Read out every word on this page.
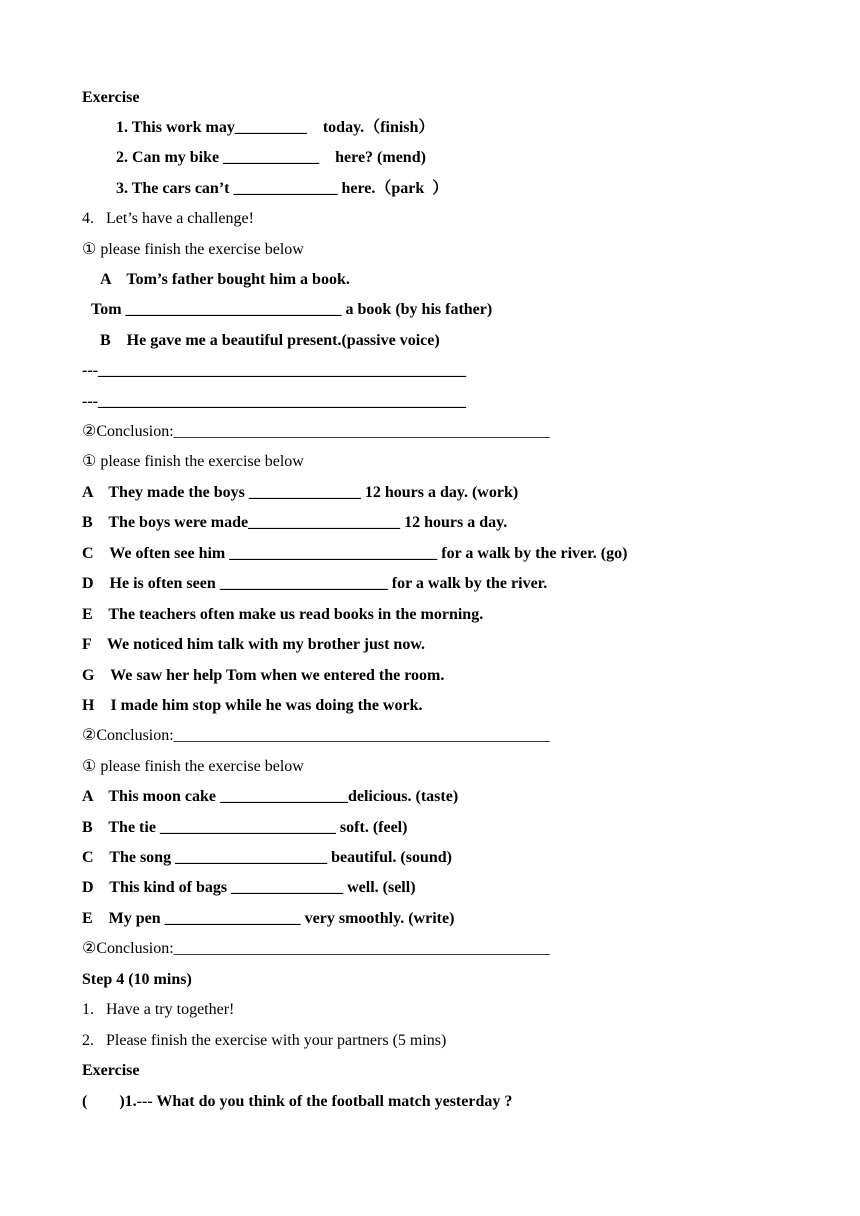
Exercise
1. This work may_________    today.（finish）
2. Can my bike ____________    here? (mend)
3. The cars can’t _____________ here.（park  ）
4.   Let’s have a challenge!
① please finish the exercise below
A    Tom’s father bought him a book.
Tom ___________________________ a book (by his father)
B    He gave me a beautiful present.(passive voice)
---______________________________________________
---______________________________________________
②Conclusion:_______________________________________________
① please finish the exercise below
A    They made the boys ______________ 12 hours a day. (work)
B    The boys were made___________________ 12 hours a day.
C    We often see him __________________________ for a walk by the river. (go)
D    He is often seen _____________________ for a walk by the river.
E    The teachers often make us read books in the morning.
F    We noticed him talk with my brother just now.
G    We saw her help Tom when we entered the room.
H    I made him stop while he was doing the work.
②Conclusion:_______________________________________________
① please finish the exercise below
A    This moon cake ________________delicious. (taste)
B    The tie ______________________ soft. (feel)
C    The song ___________________ beautiful. (sound)
D    This kind of bags ______________ well. (sell)
E    My pen _________________ very smoothly. (write)
②Conclusion:_______________________________________________
Step 4 (10 mins)
1.   Have a try together!
2.   Please finish the exercise with your partners (5 mins)
Exercise
(        )1.--- What do you think of the football match yesterday ?
